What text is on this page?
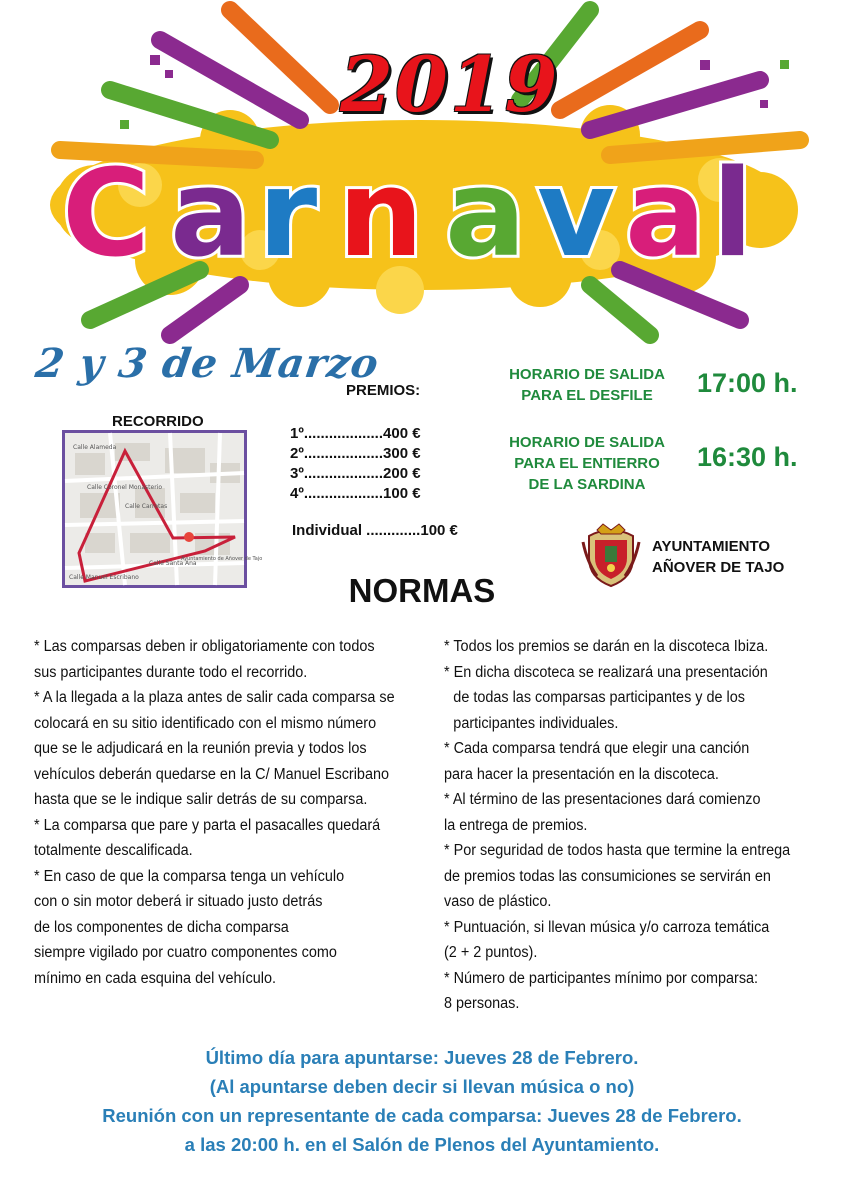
C a r n a v a l
2019
2 y 3 de Marzo
PREMIOS:
1º...................400 €
2º...................300 €
3º...................200 €
4º...................100 €
Individual .............100 €
RECORRIDO
Calle Alameda
Calle Carretas
Calle Coronel Monasterio
Calle Manuel Escribano
Calle Santa Ana
Ayuntamiento de Añover de Tajo
HORARIO DE SALIDA
PARA EL DESFILE	17:00 h.
HORARIO DE SALIDA
PARA EL ENTIERRO
DE LA SARDINA
16:30 h.
AYUNTAMIENTO
AÑOVER DE TAJO
NORMAS
* Las comparsas deben ir obligatoriamente con todos
sus participantes durante todo el recorrido.
* A la llegada a la plaza antes de salir cada comparsa se
colocará en su sitio identificado con el mismo número
que se le adjudicará en la reunión previa y todos los
vehículos deberán quedarse en la C/ Manuel Escribano
hasta que se le indique salir detrás de su comparsa.
* La comparsa que pare y parta el pasacalles quedará
totalmente descalificada.
* En caso de que la comparsa tenga un vehículo
con o sin motor deberá ir situado justo detrás
de los componentes de dicha comparsa
siempre vigilado por cuatro componentes como
mínimo en cada esquina del vehículo.
* Todos los premios se darán en la discoteca Ibiza.
* En dicha discoteca se realizará una presentación
de todas las comparsas participantes y de los
participantes individuales.
* Cada comparsa tendrá que elegir una canción
para hacer la presentación en la discoteca.
* Al término de las presentaciones dará comienzo
la entrega de premios.
* Por seguridad de todos hasta que termine la entrega
de premios todas las consumiciones se servirán en
vaso de plástico.
* Puntuación, si llevan música y/o carroza temática
(2 + 2 puntos).
* Número de participantes mínimo por comparsa:
8 personas.
Último día para apuntarse: Jueves 28 de Febrero.
(Al apuntarse deben decir si llevan música o no)
Reunión con un representante de cada comparsa: Jueves 28 de Febrero.
a las 20:00 h. en el Salón de Plenos del Ayuntamiento.
